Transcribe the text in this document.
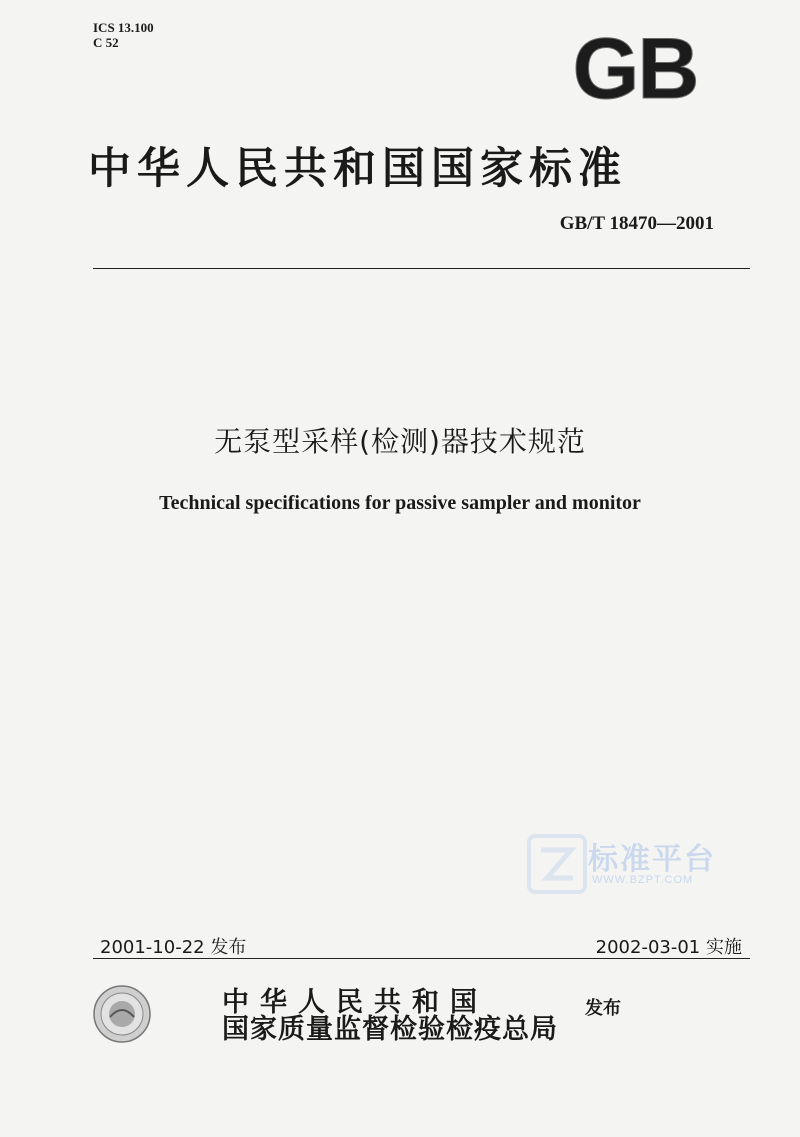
ICS 13.100
C 52	GB
中华人民共和国国家标准
GB/T 18470—2001
无泵型采样(检测)器技术规范
Technical specifications for passive sampler and monitor
标准平台
WWW.BZPT.COM
2001-10-22 发布	2002-03-01 实施
中华人民共和国
国家质量监督检验检疫总局
发布
